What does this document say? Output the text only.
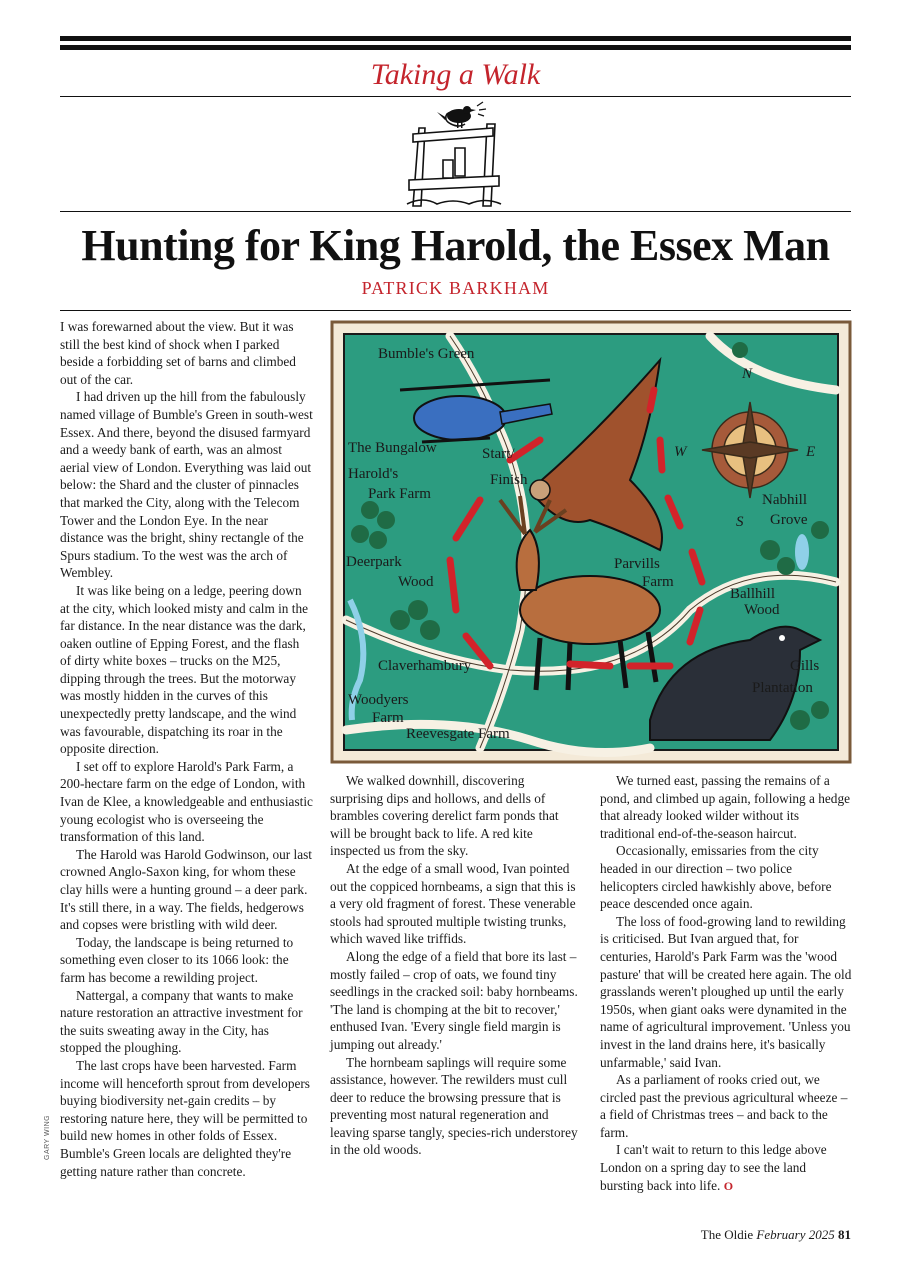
Taking a Walk
Hunting for King Harold, the Essex Man
PATRICK BARKHAM

I was forewarned about the view. But it was still the best kind of shock when I parked beside a forbidding set of barns and climbed out of the car.

I had driven up the hill from the fabulously named village of Bumble's Green in south-west Essex. And there, beyond the disused farmyard and a weedy bank of earth, was an almost aerial view of London. Everything was laid out below: the Shard and the cluster of pinnacles that marked the City, along with the Telecom Tower and the London Eye. In the near distance was the bright, shiny rectangle of the Spurs stadium. To the west was the arch of Wembley.

It was like being on a ledge, peering down at the city, which looked misty and calm in the far distance. In the near distance was the dark, oaken outline of Epping Forest, and the flash of dirty white boxes – trucks on the M25, dipping through the trees. But the motorway was mostly hidden in the curves of this unexpectedly pretty landscape, and the wind was favourable, dispatching its roar in the opposite direction.

I set off to explore Harold's Park Farm, a 200-hectare farm on the edge of London, with Ivan de Klee, a knowledgeable and enthusiastic young ecologist who is overseeing the transformation of this land.

The Harold was Harold Godwinson, our last crowned Anglo-Saxon king, for whom these clay hills were a hunting ground – a deer park. It's still there, in a way. The fields, hedgerows and copses were bristling with wild deer.

Today, the landscape is being returned to something even closer to its 1066 look: the farm has become a rewilding project.

Nattergal, a company that wants to make nature restoration an attractive investment for the suits sweating away in the City, has stopped the ploughing.

The last crops have been harvested. Farm income will henceforth sprout from developers buying biodiversity net-gain credits – by restoring nature here, they will be permitted to build new homes in other folds of Essex. Bumble's Green locals are delighted they're getting nature rather than concrete.

Bumble's Green
The Bungalow
Harold's
Park Farm
Start/
Finish
Deerpark
Wood
Claverhambury
Woodyers
Farm
Reevesgate Farm
Parvills
Farm
Nabhill
Grove
Ballhill
Wood
Gills
Plantation
N
E
S
W

We walked downhill, discovering surprising dips and hollows, and dells of brambles covering derelict farm ponds that will be brought back to life. A red kite inspected us from the sky.

At the edge of a small wood, Ivan pointed out the coppiced hornbeams, a sign that this is a very old fragment of forest. These venerable stools had sprouted multiple twisting trunks, which waved like triffids.

Along the edge of a field that bore its last – mostly failed – crop of oats, we found tiny seedlings in the cracked soil: baby hornbeams. 'The land is chomping at the bit to recover,' enthused Ivan. 'Every single field margin is jumping out already.'

The hornbeam saplings will require some assistance, however. The rewilders must cull deer to reduce the browsing pressure that is preventing most natural regeneration and leaving sparse tangly, species-rich understorey in the old woods.

We turned east, passing the remains of a pond, and climbed up again, following a hedge that already looked wilder without its traditional end-of-the-season haircut.

Occasionally, emissaries from the city headed in our direction – two police helicopters circled hawkishly above, before peace descended once again.

The loss of food-growing land to rewilding is criticised. But Ivan argued that, for centuries, Harold's Park Farm was the 'wood pasture' that will be created here again. The old grasslands weren't ploughed up until the early 1950s, when giant oaks were dynamited in the name of agricultural improvement. 'Unless you invest in the land drains here, it's basically unfarmable,' said Ivan.

As a parliament of rooks cried out, we circled past the previous agricultural wheeze – a field of Christmas trees – and back to the farm.

I can't wait to return to this ledge above London on a spring day to see the land bursting back into life. O

GARY WING
The Oldie February 2025 81
